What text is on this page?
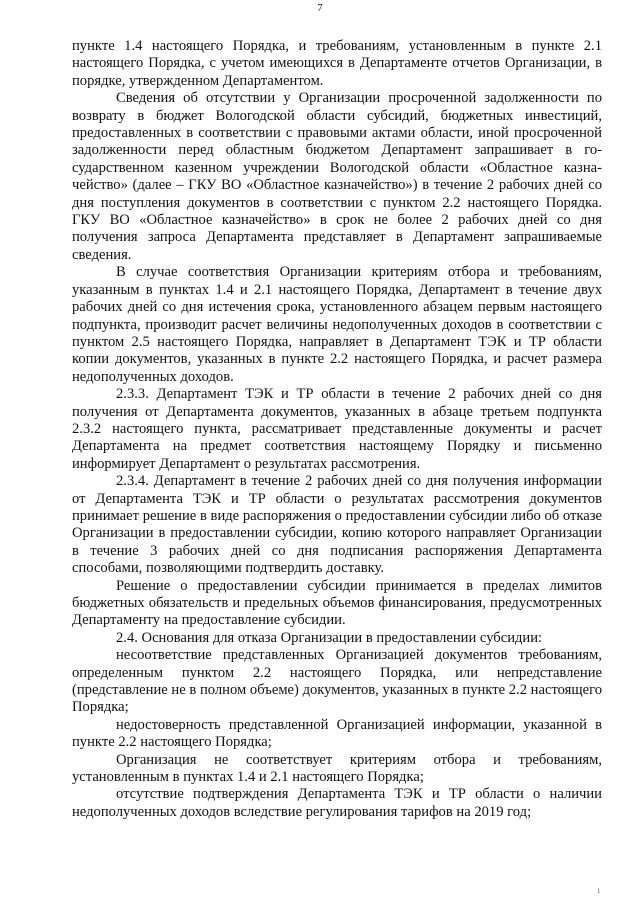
7

пункте 1.4 настоящего Порядка, и требованиям, установленным в пункте 2.1 настоящего Порядка, с учетом имеющихся в Департаменте отчетов Организации, в порядке, утвержденном Департаментом.

Сведения об отсутствии у Организации просроченной задолженности по возврату в бюджет Вологодской области субсидий, бюджетных инвестиций, предоставленных в соответствии с правовыми актами области, иной просроченной задолженности перед областным бюджетом Департамент запрашивает в государственном казенном учреждении Вологодской области «Областное казначейство» (далее – ГКУ ВО «Областное казначейство») в течение 2 рабочих дней со дня поступления документов в соответствии с пунктом 2.2 настоящего Порядка. ГКУ ВО «Областное казначейство» в срок не более 2 рабочих дней со дня получения запроса Департамента представляет в Департамент запрашиваемые сведения.

В случае соответствия Организации критериям отбора и требованиям, указанным в пунктах 1.4 и 2.1 настоящего Порядка, Департамент в течение двух рабочих дней со дня истечения срока, установленного абзацем первым настоящего подпункта, производит расчет величины недополученных доходов в соответствии с пунктом 2.5 настоящего Порядка, направляет в Департамент ТЭК и ТР области копии документов, указанных в пункте 2.2 настоящего Порядка, и расчет размера недополученных доходов.

2.3.3. Департамент ТЭК и ТР области в течение 2 рабочих дней со дня получения от Департамента документов, указанных в абзаце третьем подпункта 2.3.2 настоящего пункта, рассматривает представленные документы и расчет Департамента на предмет соответствия настоящему Порядку и письменно информирует Департамент о результатах рассмотрения.

2.3.4. Департамент в течение 2 рабочих дней со дня получения информации от Департамента ТЭК и ТР области о результатах рассмотрения документов принимает решение в виде распоряжения о предоставлении субсидии либо об отказе Организации в предоставлении субсидии, копию которого направляет Организации в течение 3 рабочих дней со дня подписания распоряжения Департамента способами, позволяющими подтвердить доставку.

Решение о предоставлении субсидии принимается в пределах лимитов бюджетных обязательств и предельных объемов финансирования, предусмотренных Департаменту на предоставление субсидии.

2.4. Основания для отказа Организации в предоставлении субсидии:

несоответствие представленных Организацией документов требованиям, определенным пунктом 2.2 настоящего Порядка, или непредставление (представление не в полном объеме) документов, указанных в пункте 2.2 настоящего Порядка;

недостоверность представленной Организацией информации, указанной в пункте 2.2 настоящего Порядка;

Организация не соответствует критериям отбора и требованиям, установленным в пунктах 1.4 и 2.1 настоящего Порядка;

отсутствие подтверждения Департамента ТЭК и ТР области о наличии недополученных доходов вследствие регулирования тарифов на 2019 год;

ı
